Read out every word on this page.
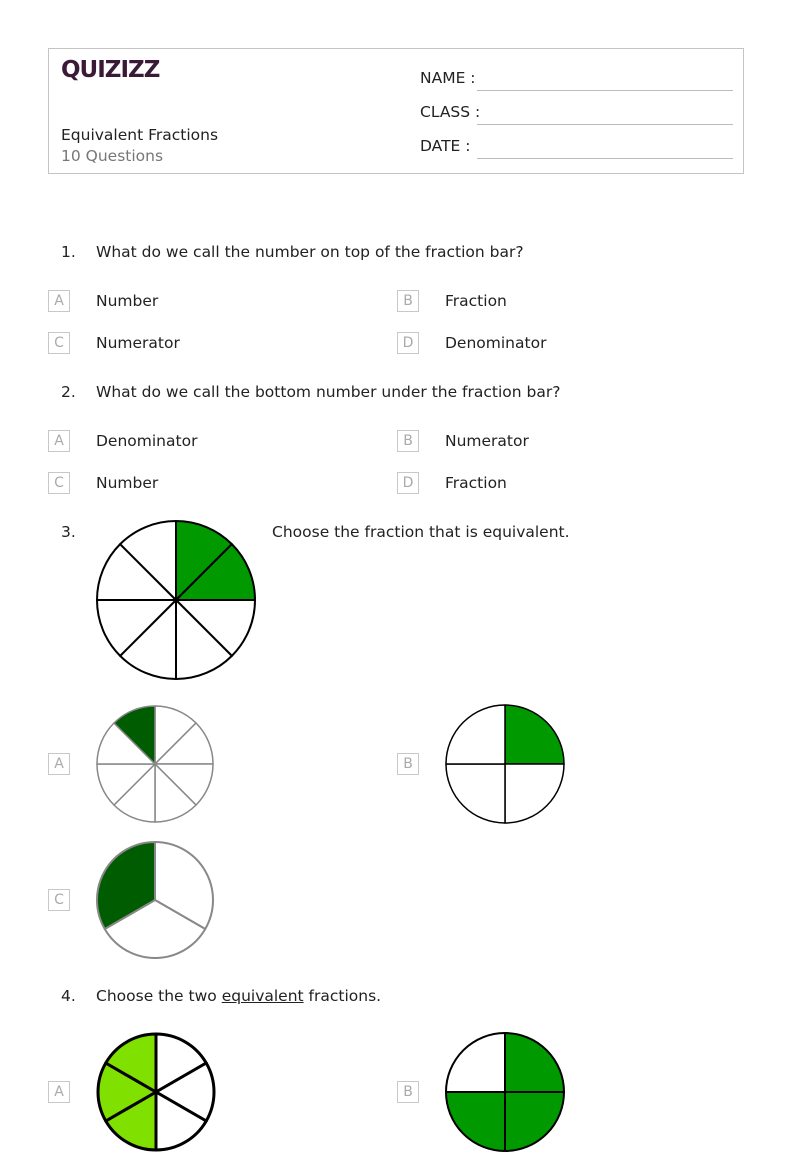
QUIZIZZ
Equivalent Fractions
10 Questions
NAME :
CLASS :
DATE :
1. What do we call the number on top of the fraction bar?
A	Number	B	Fraction
C	Numerator	D	Denominator
2. What do we call the bottom number under the fraction bar?
A	Denominator	B	Numerator
C	Number	D	Fraction
3.	Choose the fraction that is equivalent.
A	B
C
4. Choose the two equivalent fractions.
A	B
